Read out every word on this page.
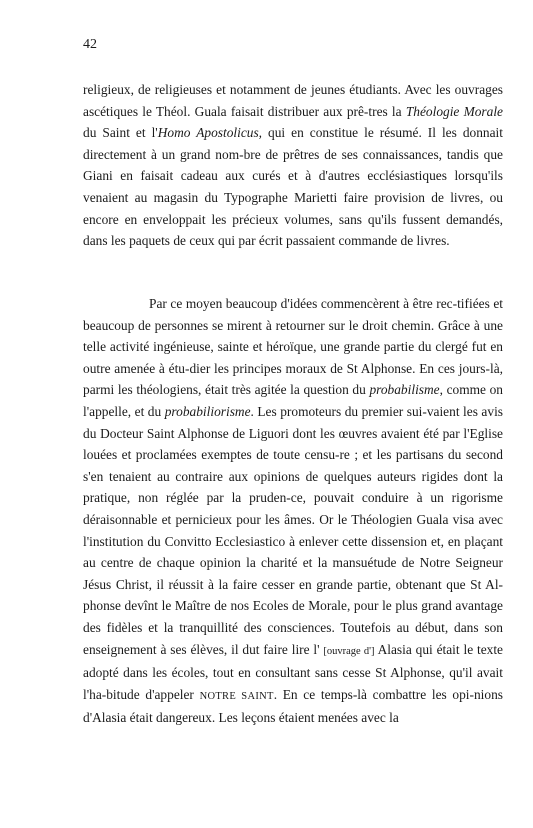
42

religieux, de religieuses et notamment de jeunes étudiants. Avec les ouvrages ascétiques le Théol. Guala faisait distribuer aux prê-tres la Théologie Morale du Saint et l'Homo Apostolicus, qui en constitue le résumé. Il les donnait directement à un grand nom-bre de prêtres de ses connaissances, tandis que Giani en faisait cadeau aux curés et à d'autres ecclésiastiques lorsqu'ils venaient au magasin du Typographe Marietti faire provision de livres, ou encore en enveloppait les précieux volumes, sans qu'ils fussent demandés, dans les paquets de ceux qui par écrit passaient commande de livres.

Par ce moyen beaucoup d'idées commencèrent à être rec-tifiées et beaucoup de personnes se mirent à retourner sur le droit chemin. Grâce à une telle activité ingénieuse, sainte et héroïque, une grande partie du clergé fut en outre amenée à étu-dier les principes moraux de St Alphonse. En ces jours-là, parmi les théologiens, était très agitée la question du probabilisme, comme on l'appelle, et du probabiliorisme. Les promoteurs du premier sui-vaient les avis du Docteur Saint Alphonse de Liguori dont les œuvres avaient été par l'Eglise louées et proclamées exemptes de toute censu-re ; et les partisans du second s'en tenaient au contraire aux opinions de quelques auteurs rigides dont la pratique, non réglée par la pruden-ce, pouvait conduire à un rigorisme déraisonnable et pernicieux pour les âmes. Or le Théologien Guala visa avec l'institution du Convitto Ecclesiastico à enlever cette dissension et, en plaçant au centre de chaque opinion la charité et la mansuétude de Notre Seigneur Jésus Christ, il réussit à la faire cesser en grande partie, obtenant que St Al-phonse devînt le Maître de nos Ecoles de Morale, pour le plus grand avantage des fidèles et la tranquillité des consciences. Toutefois au début, dans son enseignement à ses élèves, il dut faire lire l' [ouvrage d'] Alasia qui était le texte adopté dans les écoles, tout en consultant sans cesse St Alphonse, qu'il avait l'ha-bitude d'appeler NOTRE SAINT. En ce temps-là combattre les opi-nions d'Alasia était dangereux. Les leçons étaient menées avec la
